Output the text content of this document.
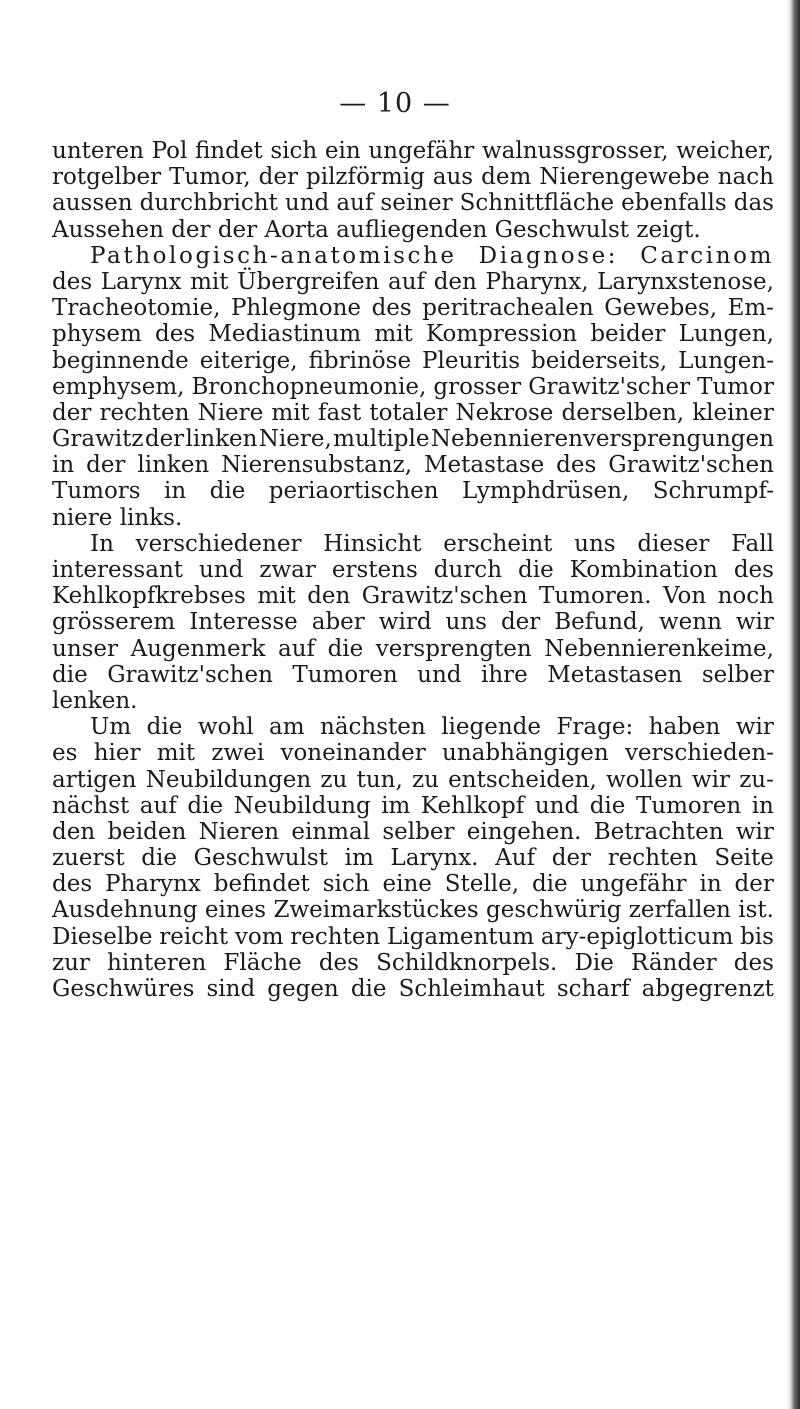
— 10 —
unteren Pol findet sich ein ungefähr walnussgrosser, weicher,
rotgelber Tumor, der pilzförmig aus dem Nierengewebe nach
aussen durchbricht und auf seiner Schnittfläche ebenfalls das
Aussehen der der Aorta aufliegenden Geschwulst zeigt.
Pathologisch-anatomische Diagnose: Carcinom
des Larynx mit Übergreifen auf den Pharynx, Larynxstenose,
Tracheotomie, Phlegmone des peritrachealen Gewebes, Em-
physem des Mediastinum mit Kompression beider Lungen,
beginnende eiterige, fibrinöse Pleuritis beiderseits, Lungen-
emphysem, Bronchopneumonie, grosser Grawitz'scher Tumor
der rechten Niere mit fast totaler Nekrose derselben, kleiner
Grawitz der linken Niere, multiple Nebennierenversprengungen
in der linken Nierensubstanz, Metastase des Grawitz'schen
Tumors in die periaortischen Lymphdrüsen, Schrumpf-
niere links.
In verschiedener Hinsicht erscheint uns dieser Fall
interessant und zwar erstens durch die Kombination des
Kehlkopfkrebses mit den Grawitz'schen Tumoren. Von noch
grösserem Interesse aber wird uns der Befund, wenn wir
unser Augenmerk auf die versprengten Nebennierenkeime,
die Grawitz'schen Tumoren und ihre Metastasen selber
lenken.
Um die wohl am nächsten liegende Frage: haben wir
es hier mit zwei voneinander unabhängigen verschieden-
artigen Neubildungen zu tun, zu entscheiden, wollen wir zu-
nächst auf die Neubildung im Kehlkopf und die Tumoren in
den beiden Nieren einmal selber eingehen. Betrachten wir
zuerst die Geschwulst im Larynx. Auf der rechten Seite
des Pharynx befindet sich eine Stelle, die ungefähr in der
Ausdehnung eines Zweimarkstückes geschwürig zerfallen ist.
Dieselbe reicht vom rechten Ligamentum ary-epiglotticum bis
zur hinteren Fläche des Schildknorpels. Die Ränder des
Geschwüres sind gegen die Schleimhaut scharf abgegrenzt
